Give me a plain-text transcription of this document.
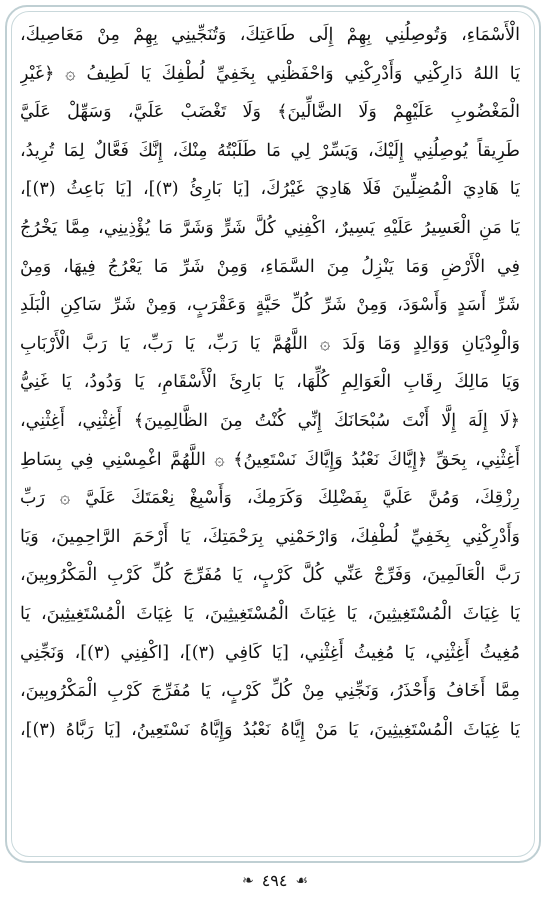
الْأَسْمَاءِ، وَتُوصِلُنِي بِهِمْ إِلَى طَاعَتِكَ، وَتُنَجِّينِي بِهِمْ مِنْ مَعَاصِيكَ،
يَا اللهُ دَارِكْنِي وَأَدْرِكْنِي وَاحْفَظْنِي بِخَفِيِّ لُطْفِكَ يَا لَطِيفُ ۞ ﴿غَيْرِ
الْمَغْضُوبِ عَلَيْهِمْ وَلَا الضَّالِّينَ﴾ وَلَا تَغْضَبْ عَلَيَّ، وَسَهِّلْ عَلَيَّ
طَرِيقاً يُوصِلُنِي إِلَيْكَ، وَيَسِّرْ لِي مَا طَلَبْتُهُ مِنْكَ، إِنَّكَ فَعَّالٌ لِمَا تُرِيدُ،
يَا هَادِيَ الْمُضِلِّينَ فَلَا هَادِيَ غَيْرُكَ، [يَا بَارِئُ (٣)]، [يَا بَاعِثُ (٣)]،
يَا مَنِ الْعَسِيرُ عَلَيْهِ يَسِيرٌ، اكْفِنِي كُلَّ شَرٍّ وَشَرَّ مَا يُؤْذِينِي، مِمَّا يَخْرُجُ
فِي الْأَرْضِ وَمَا يَنْزِلُ مِنَ السَّمَاءِ، وَمِنْ شَرِّ مَا يَعْرُجُ فِيهَا، وَمِنْ
شَرِّ أَسَدٍ وَأَسْوَدَ، وَمِنْ شَرِّ كُلِّ حَيَّةٍ وَعَقْرَبٍ، وَمِنْ شَرِّ سَاكِنِ الْبَلَدِ
وَالْوِدْيَانِ وَوَالِدٍ وَمَا وَلَدَ ۞ اللَّهُمَّ يَا رَبِّ، يَا رَبِّ، يَا رَبَّ الْأَرْبَابِ
وَيَا مَالِكَ رِقَابِ الْعَوَالِمِ كُلِّهَا، يَا بَارِئَ الْأَسْقَامِ، يَا وَدُودُ، يَا غَنِيُّ
﴿لَا إِلَهَ إِلَّا أَنْتَ سُبْحَانَكَ إِنِّي كُنْتُ مِنَ الظَّالِمِينَ﴾ أَغِثْنِي، أَغِثْنِي،
أَغِثْنِي، بِحَقِّ ﴿إِيَّاكَ نَعْبُدُ وَإِيَّاكَ نَسْتَعِينُ﴾ ۞ اللَّهُمَّ اغْمِسْنِي فِي بِسَاطِ
رِزْقِكَ، وَمُنَّ عَلَيَّ بِفَضْلِكَ وَكَرَمِكَ، وَأَسْبِغْ نِعْمَتَكَ عَلَيَّ ۞ رَبِّ
وَأَدْرِكْنِي بِخَفِيِّ لُطْفِكَ، وَارْحَمْنِي بِرَحْمَتِكَ، يَا أَرْحَمَ الرَّاحِمِينَ، وَيَا
رَبَّ الْعَالَمِينَ، وَفَرِّجْ عَنِّي كُلَّ كَرْبٍ، يَا مُفَرِّجَ كُلِّ كَرْبِ الْمَكْرُوبِينَ،
يَا غِيَاثَ الْمُسْتَغِيثِينَ، يَا غِيَاثَ الْمُسْتَغِيثِينَ، يَا غِيَاثَ الْمُسْتَغِيثِينَ، يَا
مُغِيثُ أَغِثْنِي، يَا مُغِيثُ أَغِثْنِي، [يَا كَافِي (٣)]، [اكْفِنِي (٣)]، وَنَجِّنِي
مِمَّا أَخَافُ وَأَحْذَرُ، وَنَجِّنِي مِنْ كُلِّ كَرْبٍ، يَا مُفَرِّجَ كَرْبِ الْمَكْرُوبِينَ،
يَا غِيَاثَ الْمُسْتَغِيثِينَ، يَا مَنْ إِيَّاهُ نَعْبُدُ وَإِيَّاهُ نَسْتَعِينُ، [يَا رَبَّاهُ (٣)]،
☙
٤٩٤
❧
